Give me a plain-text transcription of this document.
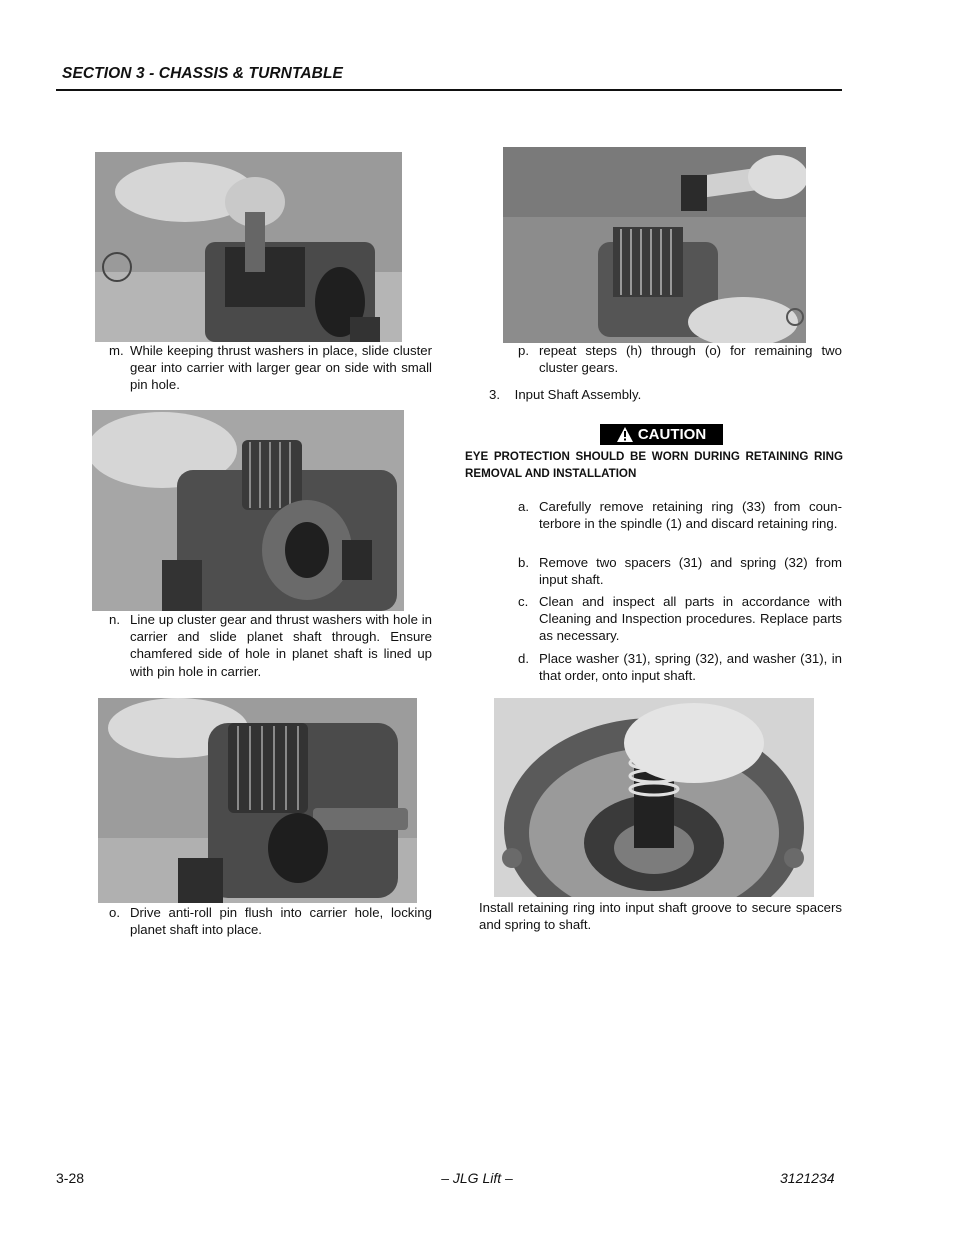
SECTION 3 - CHASSIS & TURNTABLE
m. While keeping thrust washers in place, slide cluster gear into carrier with larger gear on side with small pin hole.
p. repeat steps (h) through (o) for remaining two cluster gears.
3. Input Shaft Assembly.
CAUTION
EYE PROTECTION SHOULD BE WORN DURING RETAINING RING REMOVAL AND INSTALLATION
a. Carefully remove retaining ring (33) from coun-terbore in the spindle (1) and discard retaining ring.
b. Remove two spacers (31) and spring (32) from input shaft.
c. Clean and inspect all parts in accordance with Cleaning and Inspection procedures. Replace parts as necessary.
d. Place washer (31), spring (32), and washer (31), in that order, onto input shaft.
n. Line up cluster gear and thrust washers with hole in carrier and slide planet shaft through. Ensure chamfered side of hole in planet shaft is lined up with pin hole in carrier.
o. Drive anti-roll pin flush into carrier hole, locking planet shaft into place.
Install retaining ring into input shaft groove to secure spacers and spring to shaft.
3-28	– JLG Lift –	3121234
